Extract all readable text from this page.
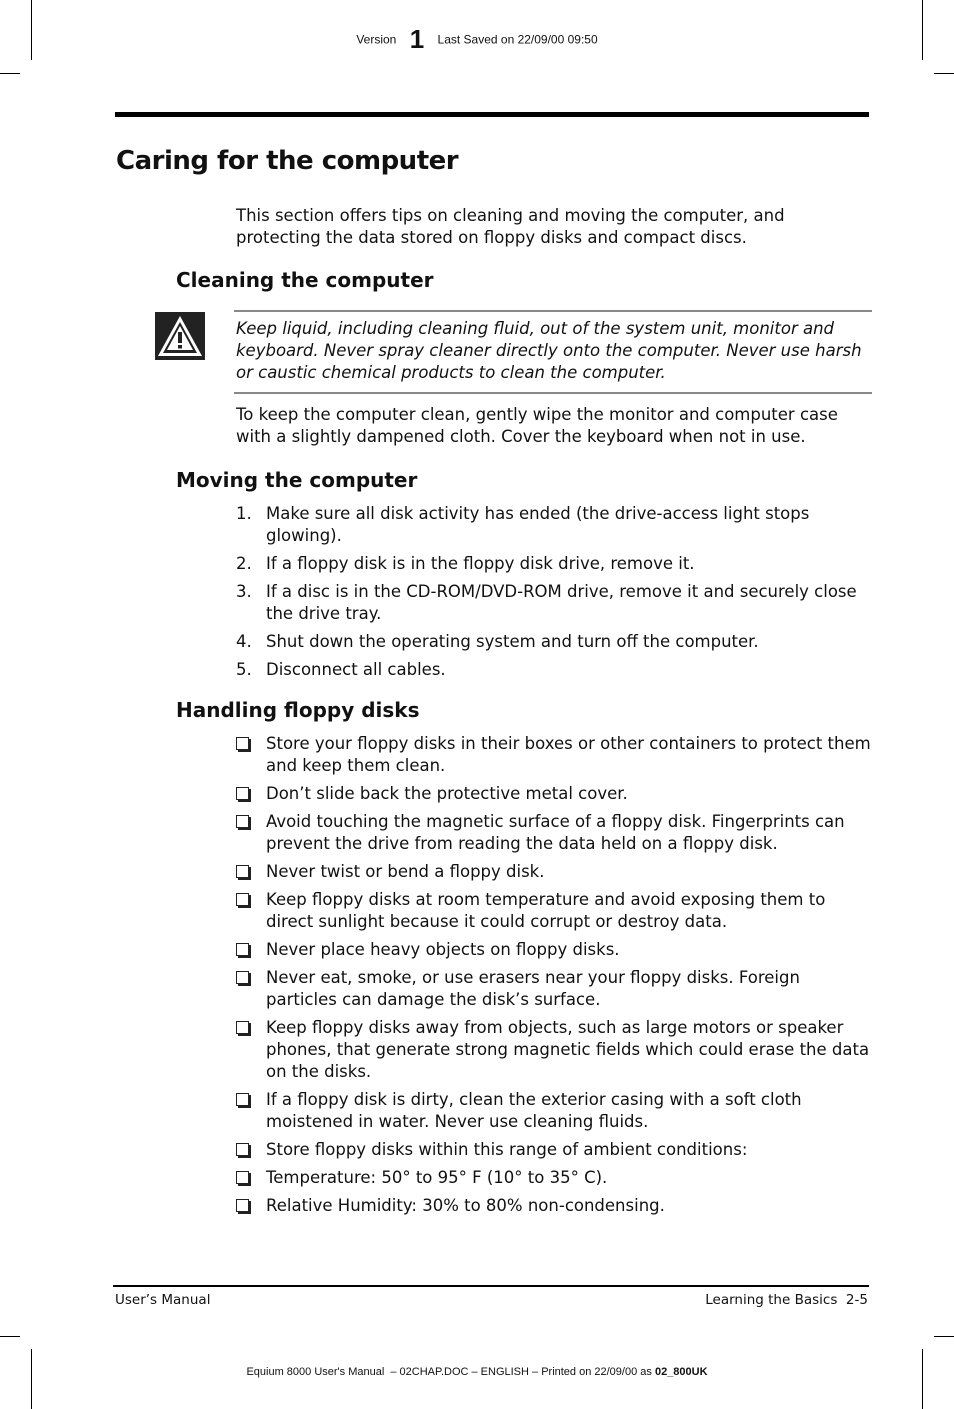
Version 1 Last Saved on 22/09/00 09:50
Caring for the computer
This section offers tips on cleaning and moving the computer, and protecting the data stored on floppy disks and compact discs.
Cleaning the computer
Keep liquid, including cleaning fluid, out of the system unit, monitor and keyboard. Never spray cleaner directly onto the computer. Never use harsh or caustic chemical products to clean the computer.
To keep the computer clean, gently wipe the monitor and computer case with a slightly dampened cloth. Cover the keyboard when not in use.
Moving the computer
1. Make sure all disk activity has ended (the drive-access light stops glowing).
2. If a floppy disk is in the floppy disk drive, remove it.
3. If a disc is in the CD-ROM/DVD-ROM drive, remove it and securely close the drive tray.
4. Shut down the operating system and turn off the computer.
5. Disconnect all cables.
Handling floppy disks
Store your floppy disks in their boxes or other containers to protect them and keep them clean.
Don’t slide back the protective metal cover.
Avoid touching the magnetic surface of a floppy disk. Fingerprints can prevent the drive from reading the data held on a floppy disk.
Never twist or bend a floppy disk.
Keep floppy disks at room temperature and avoid exposing them to direct sunlight because it could corrupt or destroy data.
Never place heavy objects on floppy disks.
Never eat, smoke, or use erasers near your floppy disks. Foreign particles can damage the disk’s surface.
Keep floppy disks away from objects, such as large motors or speaker phones, that generate strong magnetic fields which could erase the data on the disks.
If a floppy disk is dirty, clean the exterior casing with a soft cloth moistened in water. Never use cleaning fluids.
Store floppy disks within this range of ambient conditions:
Temperature: 50° to 95° F (10° to 35° C).
Relative Humidity: 30% to 80% non-condensing.
User’s Manual	Learning the Basics  2-5
Equium 8000 User's Manual  – 02CHAP.DOC – ENGLISH – Printed on 22/09/00 as 02_800UK
